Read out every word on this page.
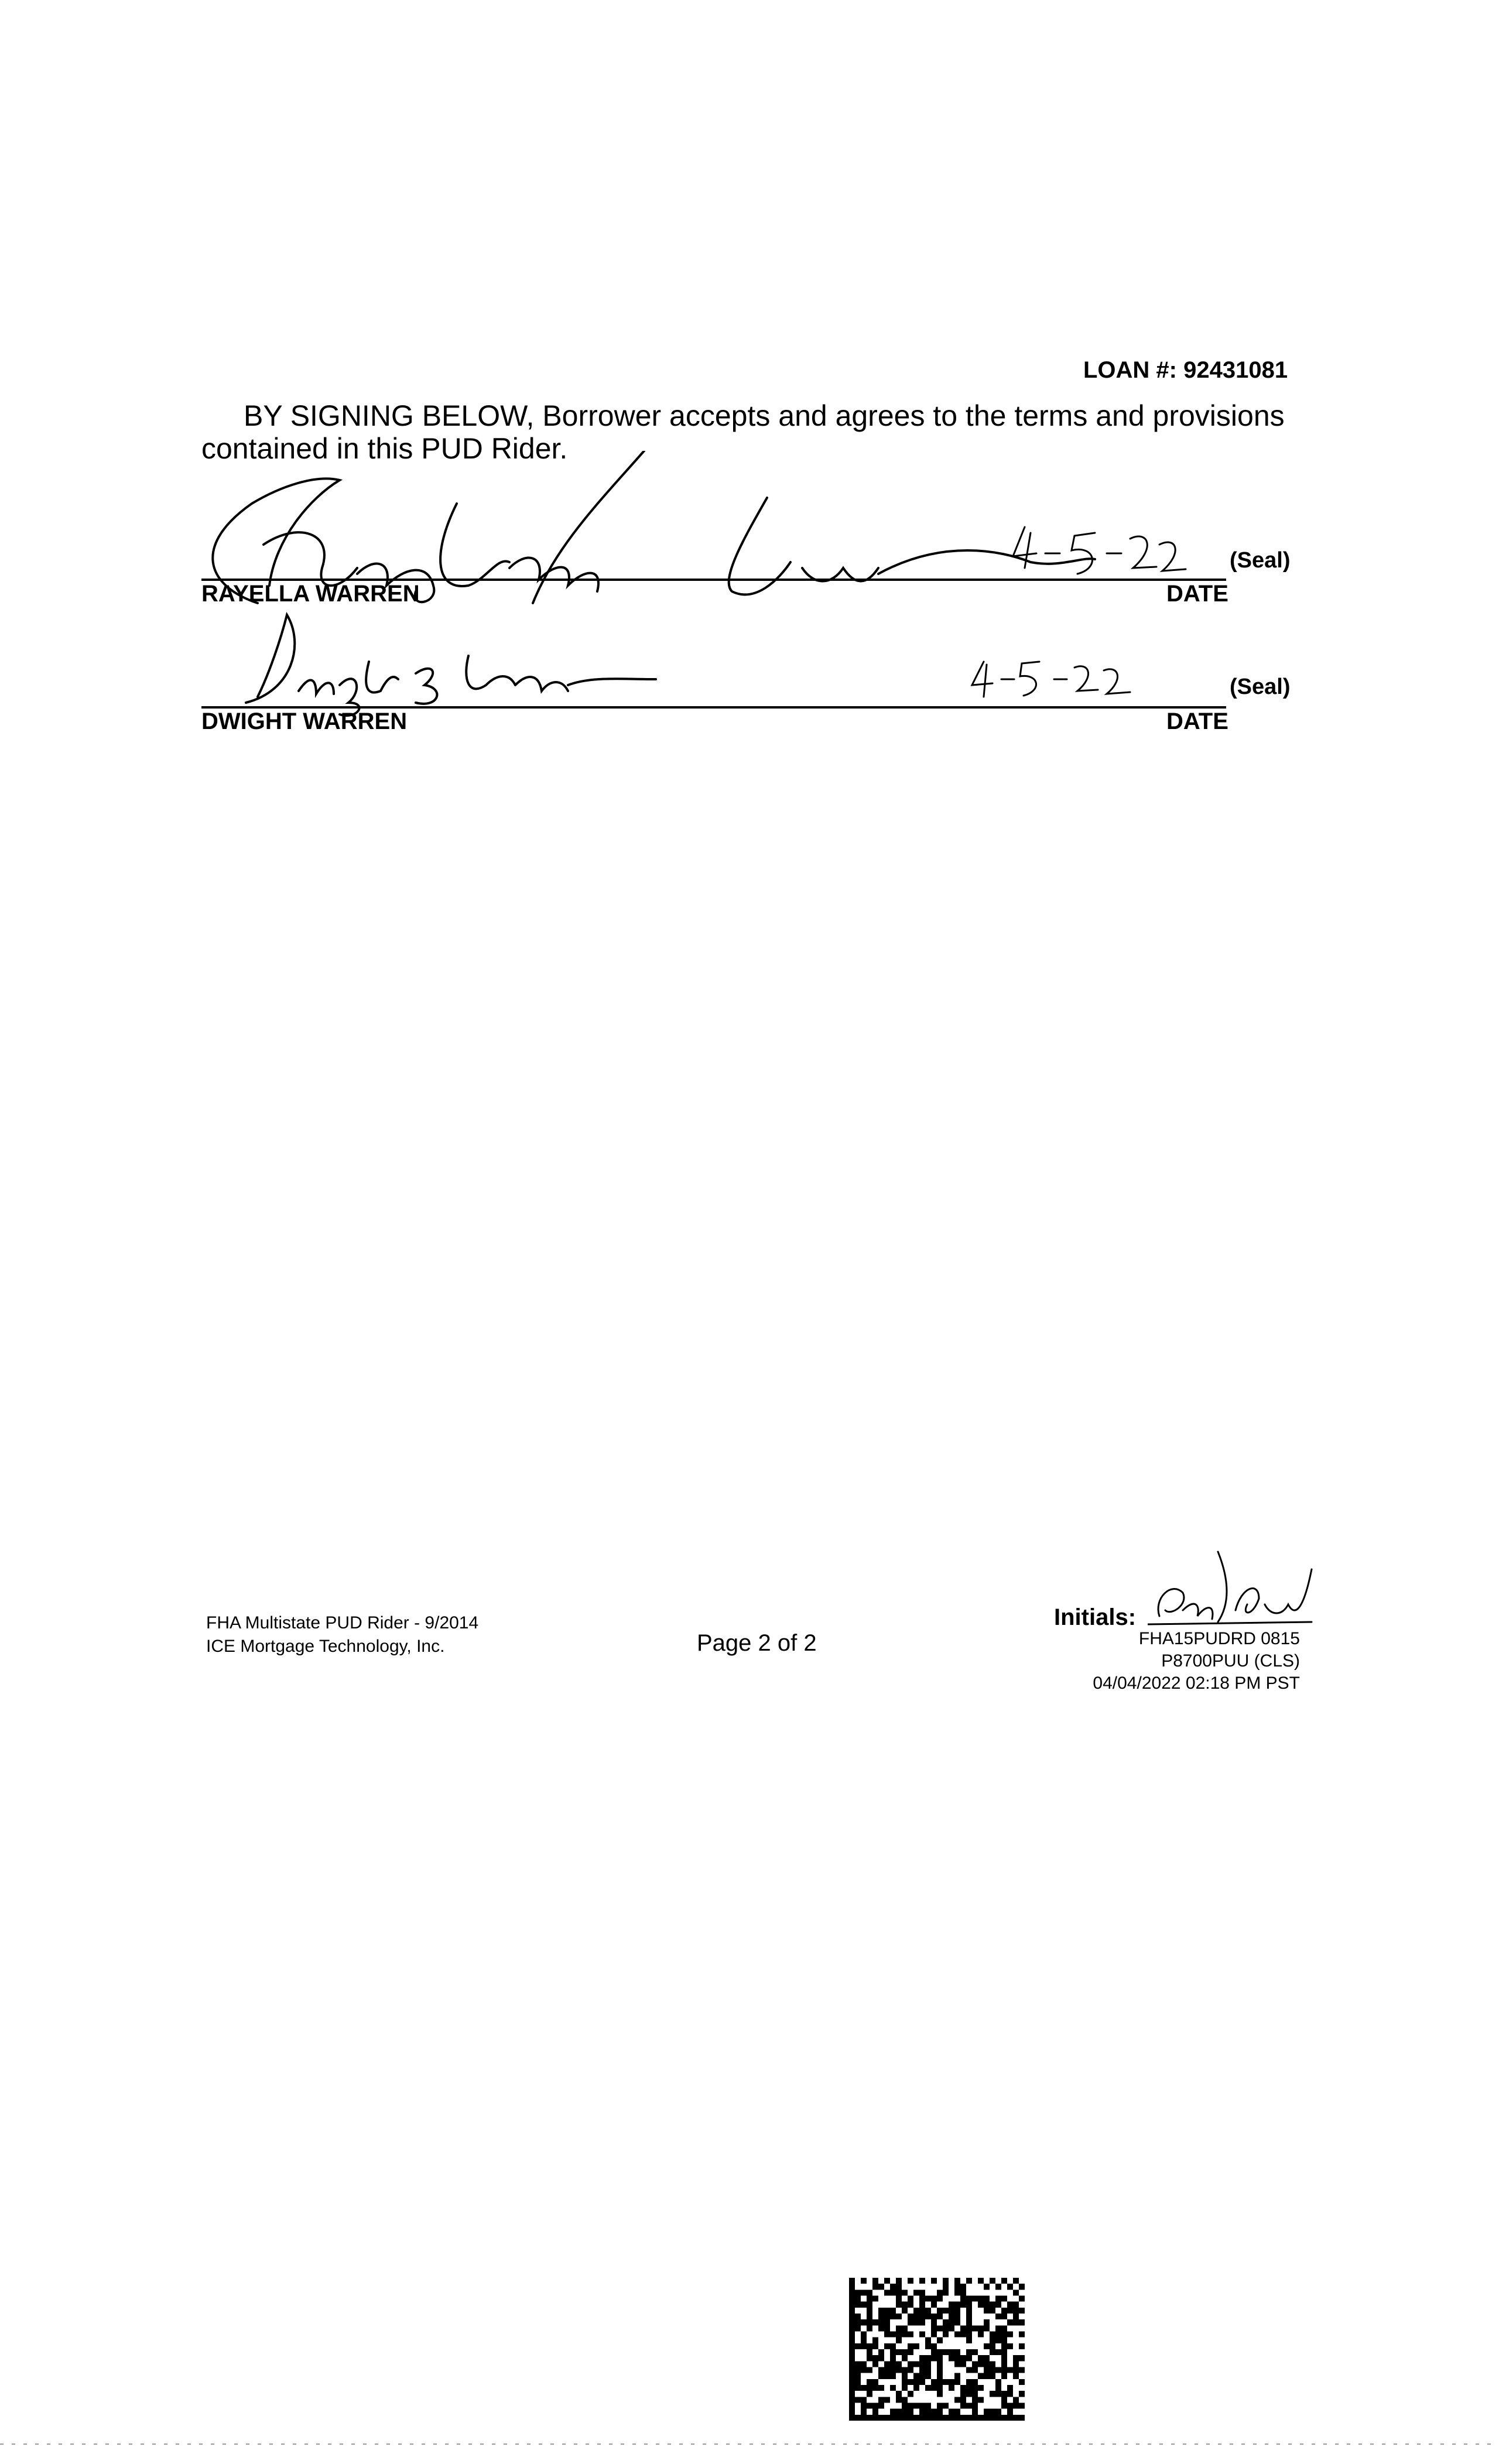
LOAN #: 92431081
BY SIGNING BELOW, Borrower accepts and agrees to the terms and provisions
contained in this PUD Rider.
RAYELLA WARREN	DATE
(Seal)
DWIGHT WARREN	DATE
(Seal)
FHA Multistate PUD Rider - 9/2014
ICE Mortgage Technology, Inc.	Page 2 of 2
Initials:
FHA15PUDRD 0815
P8700PUU (CLS)
04/04/2022 02:18 PM PST
